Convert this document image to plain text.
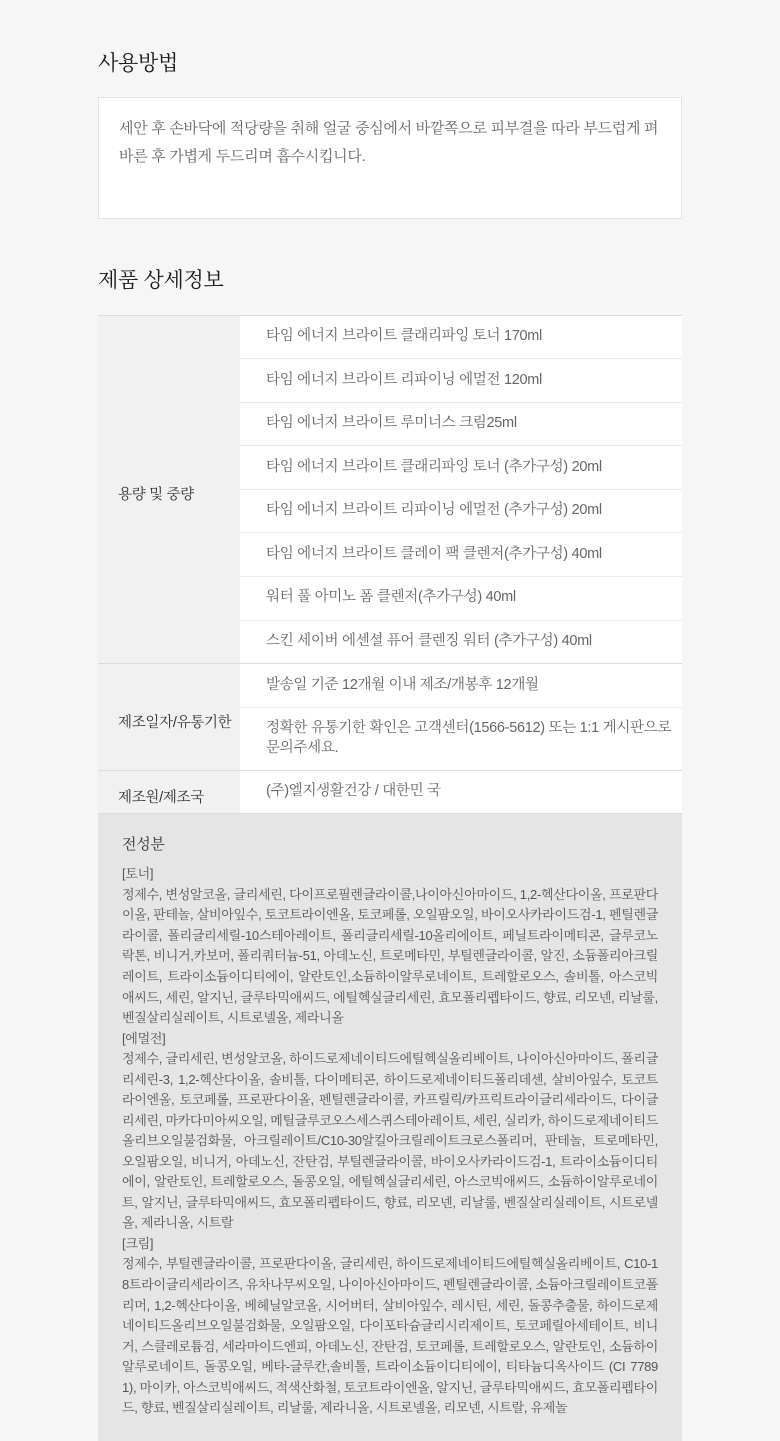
사용방법

세안 후 손바닥에 적당량을 취해 얼굴 중심에서 바깥쪽으로 피부결을 따라 부드럽게 펴 바른 후 가볍게 두드리며 흡수시킵니다.

제품 상세정보
용량 및 중량	타임 에너지 브라이트 클래리파잉 토너 170ml
	타임 에너지 브라이트 리파이닝 에멀전 120ml
	타임 에너지 브라이트 루미너스 크림25ml
	타임 에너지 브라이트 클래리파잉 토너 (추가구성) 20ml
	타임 에너지 브라이트 리파이닝 에멀전 (추가구성) 20ml
	타임 에너지 브라이트 클레이 팩 클렌저(추가구성) 40ml
	워터 풀 아미노 폼 클렌저(추가구성) 40ml
	스킨 세이버 에센셜 퓨어 클렌징 워터 (추가구성) 40ml
제조일자/유통기한	발송일 기준 12개월 이내 제조/개봉후 12개월
	정확한 유통기한 확인은 고객센터(1566-5612) 또는 1:1 게시판으로 문의주세요.
제조원/제조국	(주)엘지생활건강 / 대한민 국
전성분
[토너]
정제수, 변성알코올, 글리세린, 다이프로필렌글라이콜,나이아신아마이드, 1,2-헥산다이올, 프로판다이올, 판테놀, 살비아잎수, 토코트라이엔올, 토코페롤, 오일팜오일, 바이오사카라이드검-1, 펜틸렌글라이콜, 폴리글리세릴-10스테아레이트, 폴리글리세릴-10올리에이트, 페닐트라이메티콘, 글루코노락톤, 비니거,카보머, 폴리쿼터늄-51, 아데노신, 트로메타민, 부틸렌글라이콜, 알진, 소듐폴리아크릴레이트, 트라이소듐이디티에이, 알란토인,소듐하이알루로네이트, 트레할로오스, 솔비톨, 아스코빅애씨드, 세린, 알지닌, 글루타믹애씨드, 에틸헥실글리세린, 효모폴리펩타이드, 향료, 리모넨, 리날룰, 벤질살리실레이트, 시트로넬올, 제라니올
[에멀전]
정제수, 글리세린, 변성알코올, 하이드로제네이티드에틸헥실올리베이트, 나이아신아마이드, 폴리글리세린-3, 1,2-헥산다이올, 솔비톨, 다이메티콘, 하이드로제네이티드폴리데센, 살비아잎수, 토코트라이엔올, 토코페롤, 프로판다이올, 펜틸렌글라이콜, 카프릴릭/카프릭트라이글리세라이드, 다이글리세린, 마카다미아씨오일, 메틸글루코오스세스퀴스테아레이트, 세린, 실리카, 하이드로제네이티드올리브오일불검화물, 아크릴레이트/C10-30알킬아크릴레이트크로스폴리머, 판테놀, 트로메타민, 오일팜오일, 비니거, 아데노신, 잔탄검, 부틸렌글라이콜, 바이오사카라이드검-1, 트라이소듐이디티에이, 알란토인, 트레할로오스, 돌콩오일, 에틸헥실글리세린, 아스코빅애씨드, 소듐하이알루로네이트, 알지닌, 글루타믹애씨드, 효모폴리펩타이드, 향료, 리모넨, 리날룰, 벤질살리실레이트, 시트로넬올, 제라니올, 시트랄
[크림]
정제수, 부틸렌글라이콜, 프로판다이올, 글리세린, 하이드로제네이티드에틸헥실올리베이트, C10-18트라이글리세라이즈, 유차나무씨오일, 나이아신아마이드, 펜틸렌글라이콜, 소듐아크릴레이트코폴리머, 1,2-헥산다이올, 베헤닐알코올, 시어버터, 살비아잎수, 레시틴, 세린, 돌콩추출물, 하이드로제네이티드올리브오일불검화물, 오일팜오일, 다이포타슘글리시리제이트, 토코페릴아세테이트, 비니거, 스클레로튬검, 세라마이드엔피, 아데노신, 잔탄검, 토코페롤, 트레할로오스, 알란토인, 소듐하이 알루로네이트, 돌콩오일, 베타-글루칸,솔비톨, 트라이소듐이디티에이, 티타늄디옥사이드 (CI 77891), 마이카, 아스코빅애씨드, 적색산화철, 토코트라이엔올, 알지닌, 글루타믹애씨드, 효모폴리펩타이드, 향료, 벤질살리실레이트, 리날룰, 제라니올, 시트로넬올, 리모넨, 시트랄, 유제놀
